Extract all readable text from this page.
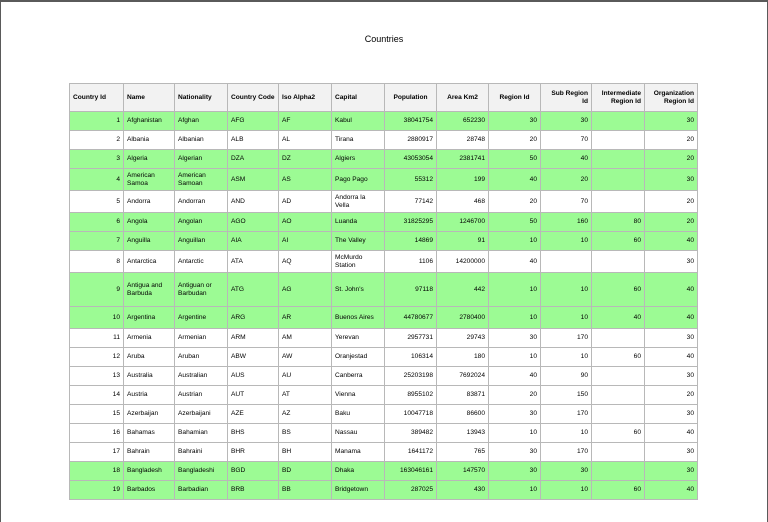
Countries
Country Id	Name	Nationality	Country Code	Iso Alpha2	Capital	Population	Area Km2	Region Id	Sub Region Id	Intermediate Region Id	Organization Region Id
1	Afghanistan	Afghan	AFG	AF	Kabul	38041754	652230	30	30		30
2	Albania	Albanian	ALB	AL	Tirana	2880917	28748	20	70		20
3	Algeria	Algerian	DZA	DZ	Algiers	43053054	2381741	50	40		20
4	American Samoa	American Samoan	ASM	AS	Pago Pago	55312	199	40	20		30
5	Andorra	Andorran	AND	AD	Andorra la Vella	77142	468	20	70		20
6	Angola	Angolan	AGO	AO	Luanda	31825295	1246700	50	160	80	20
7	Anguilla	Anguillan	AIA	AI	The Valley	14869	91	10	10	60	40
8	Antarctica	Antarctic	ATA	AQ	McMurdo Station	1106	14200000	40			30
9	Antigua and Barbuda	Antiguan or Barbudan	ATG	AG	St. John's	97118	442	10	10	60	40
10	Argentina	Argentine	ARG	AR	Buenos Aires	44780677	2780400	10	10	40	40
11	Armenia	Armenian	ARM	AM	Yerevan	2957731	29743	30	170		30
12	Aruba	Aruban	ABW	AW	Oranjestad	106314	180	10	10	60	40
13	Australia	Australian	AUS	AU	Canberra	25203198	7692024	40	90		30
14	Austria	Austrian	AUT	AT	Vienna	8955102	83871	20	150		20
15	Azerbaijan	Azerbaijani	AZE	AZ	Baku	10047718	86600	30	170		30
16	Bahamas	Bahamian	BHS	BS	Nassau	389482	13943	10	10	60	40
17	Bahrain	Bahraini	BHR	BH	Manama	1641172	765	30	170		30
18	Bangladesh	Bangladeshi	BGD	BD	Dhaka	163046161	147570	30	30		30
19	Barbados	Barbadian	BRB	BB	Bridgetown	287025	430	10	10	60	40
